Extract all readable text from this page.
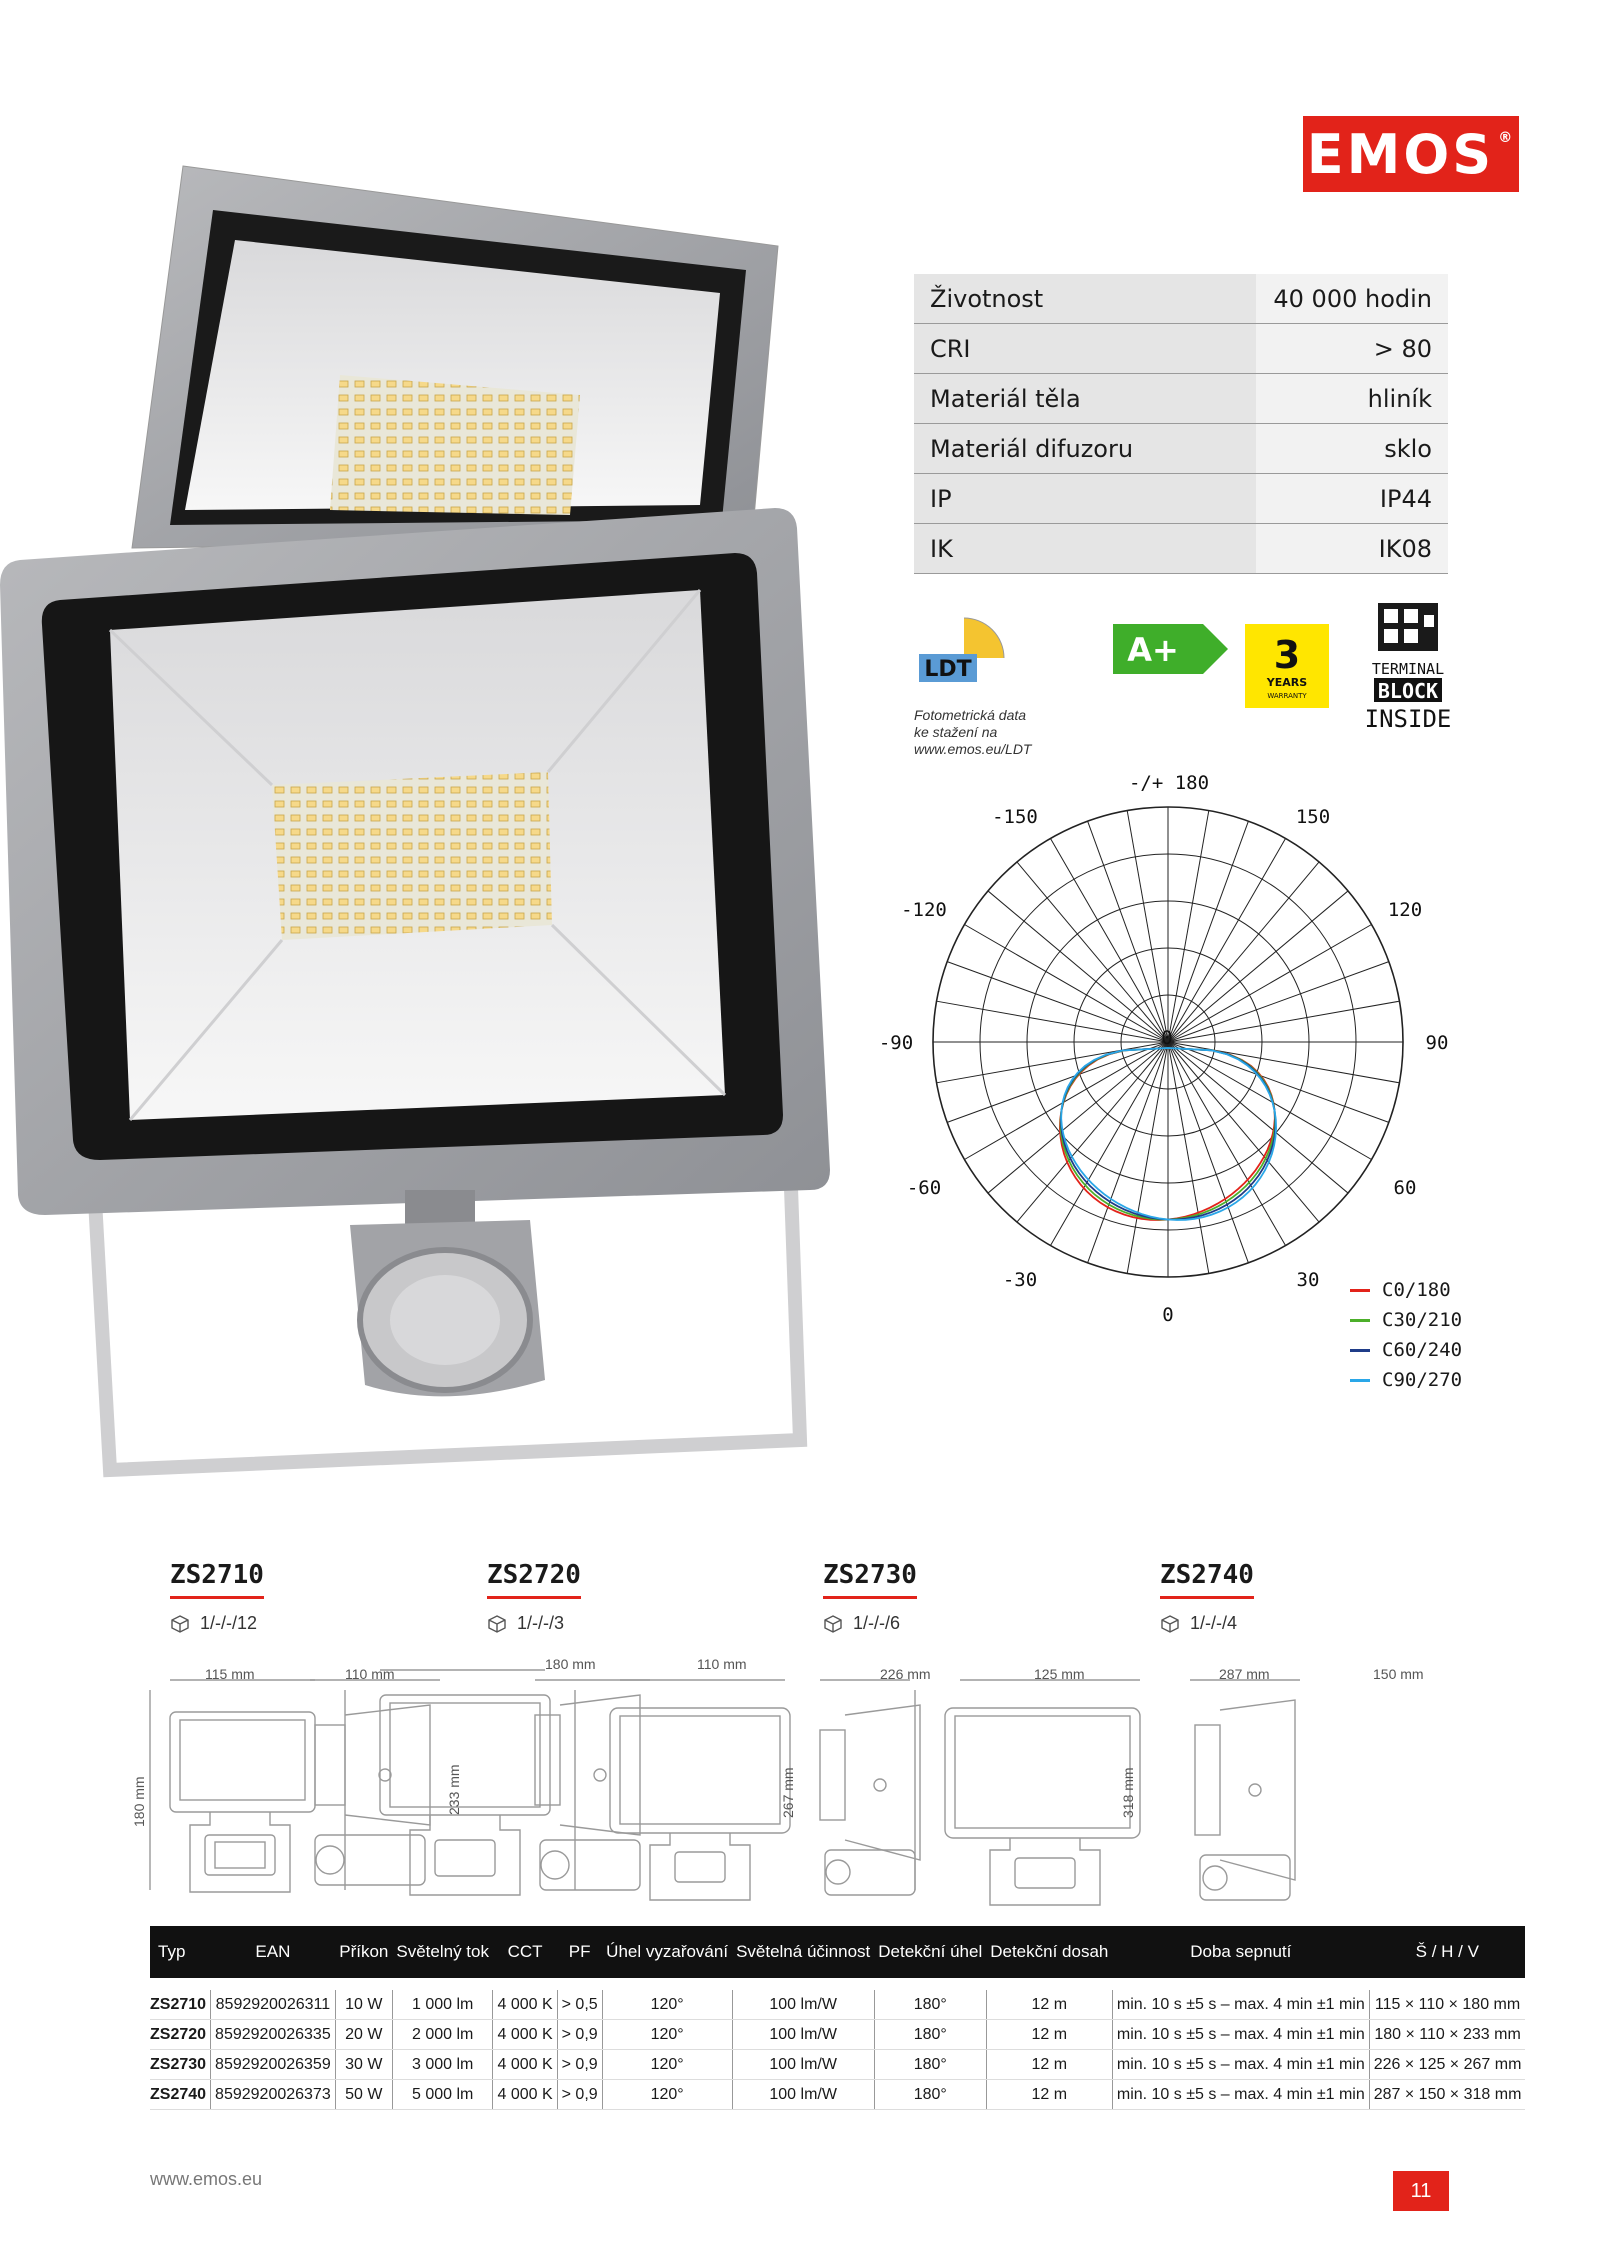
EMOS ®
Životnost	40 000 hodin
CRI	> 80
Materiál těla	hliník
Materiál difuzoru	sklo
IP	IP44
IK	IK08
LDT
Fotometrická data
ke stažení na
www.emos.eu/LDT
A+ 3
YEARS
WARRANTY
TERMINAL
BLOCK
INSIDE
-/+ 180
-150	150
-120	120
-90	90
0
-60	60
-30	30
0
C0/180
C30/210
C60/240
C90/270
ZS2710
1/-/-/12
ZS2720
1/-/-/3
ZS2730
1/-/-/6
ZS2740
1/-/-/4
115 mm	110 mm
180 mm
180 mm	110 mm
233 mm
226 mm	125 mm
267 mm
287 mm	150 mm
318 mm
Typ	EAN	Příkon	Světelný tok	CCT	PF	Úhel vyzařování	Světelná účinnost	Detekční úhel	Detekční dosah	Doba sepnutí	Š / H / V

ZS2710	8592920026311	10 W	1 000 lm	4 000 K	> 0,5	120°	100 lm/W	180°	12 m	min. 10 s ±5 s – max. 4 min ±1 min	115 × 110 × 180 mm
ZS2720	8592920026335	20 W	2 000 lm	4 000 K	> 0,9	120°	100 lm/W	180°	12 m	min. 10 s ±5 s – max. 4 min ±1 min	180 × 110 × 233 mm
ZS2730	8592920026359	30 W	3 000 lm	4 000 K	> 0,9	120°	100 lm/W	180°	12 m	min. 10 s ±5 s – max. 4 min ±1 min	226 × 125 × 267 mm
ZS2740	8592920026373	50 W	5 000 lm	4 000 K	> 0,9	120°	100 lm/W	180°	12 m	min. 10 s ±5 s – max. 4 min ±1 min	287 × 150 × 318 mm
www.emos.eu
11
